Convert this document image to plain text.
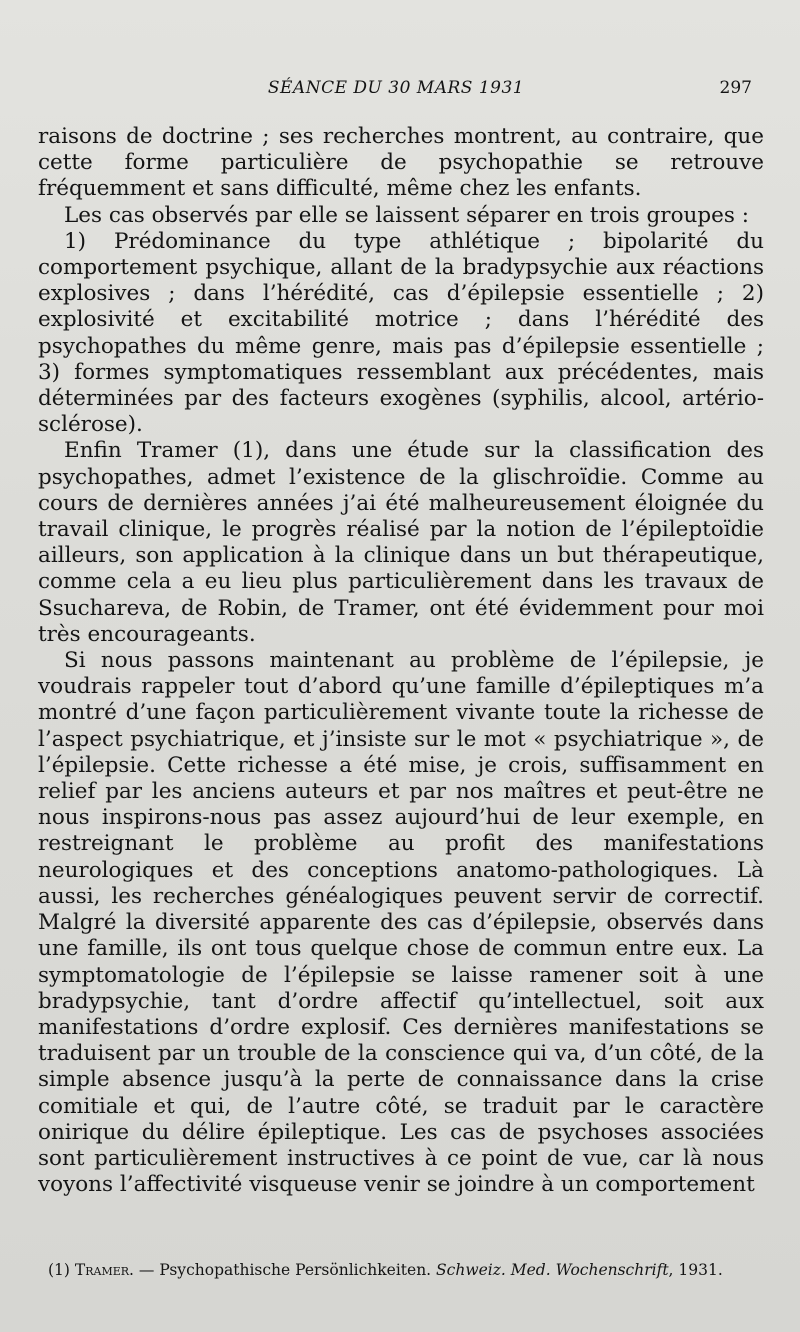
SÉANCE DU 30 MARS 1931	297

raisons de doctrine ; ses recherches montrent, au contraire, que cette forme particulière de psychopathie se retrouve fréquemment et sans difficulté, même chez les enfants.

Les cas observés par elle se laissent séparer en trois groupes :

1) Prédominance du type athlétique ; bipolarité du comportement psychique, allant de la bradypsychie aux réactions explosives ; dans l’hérédité, cas d’épilepsie essentielle ; 2) explosivité et excitabilité motrice ; dans l’hérédité des psychopathes du même genre, mais pas d’épilepsie essentielle ; 3) formes symptomatiques ressemblant aux précédentes, mais déterminées par des facteurs exogènes (syphilis, alcool, artério-sclérose).

Enfin Tramer (1), dans une étude sur la classification des psychopathes, admet l’existence de la glischroïdie. Comme au cours de dernières années j’ai été malheureusement éloignée du travail clinique, le progrès réalisé par la notion de l’épileptoïdie ailleurs, son application à la clinique dans un but thérapeutique, comme cela a eu lieu plus particulièrement dans les travaux de Ssuchareva, de Robin, de Tramer, ont été évidemment pour moi très encourageants.

Si nous passons maintenant au problème de l’épilepsie, je voudrais rappeler tout d’abord qu’une famille d’épileptiques m’a montré d’une façon particulièrement vivante toute la richesse de l’aspect psychiatrique, et j’insiste sur le mot « psychiatrique », de l’épilepsie. Cette richesse a été mise, je crois, suffisamment en relief par les anciens auteurs et par nos maîtres et peut-être ne nous inspirons-nous pas assez aujourd’hui de leur exemple, en restreignant le problème au profit des manifestations neurologiques et des conceptions anatomo-pathologiques. Là aussi, les recherches généalogiques peuvent servir de correctif. Malgré la diversité apparente des cas d’épilepsie, observés dans une famille, ils ont tous quelque chose de commun entre eux. La symptomatologie de l’épilepsie se laisse ramener soit à une bradypsychie, tant d’ordre affectif qu’intellectuel, soit aux manifestations d’ordre explosif. Ces dernières manifestations se traduisent par un trouble de la conscience qui va, d’un côté, de la simple absence jusqu’à la perte de connaissance dans la crise comitiale et qui, de l’autre côté, se traduit par le caractère onirique du délire épileptique. Les cas de psychoses associées sont particulièrement instructives à ce point de vue, car là nous voyons l’affectivité visqueuse venir se joindre à un comportement

(1) Tramer. — Psychopathische Persönlichkeiten. Schweiz. Med. Wochenschrift, 1931.
